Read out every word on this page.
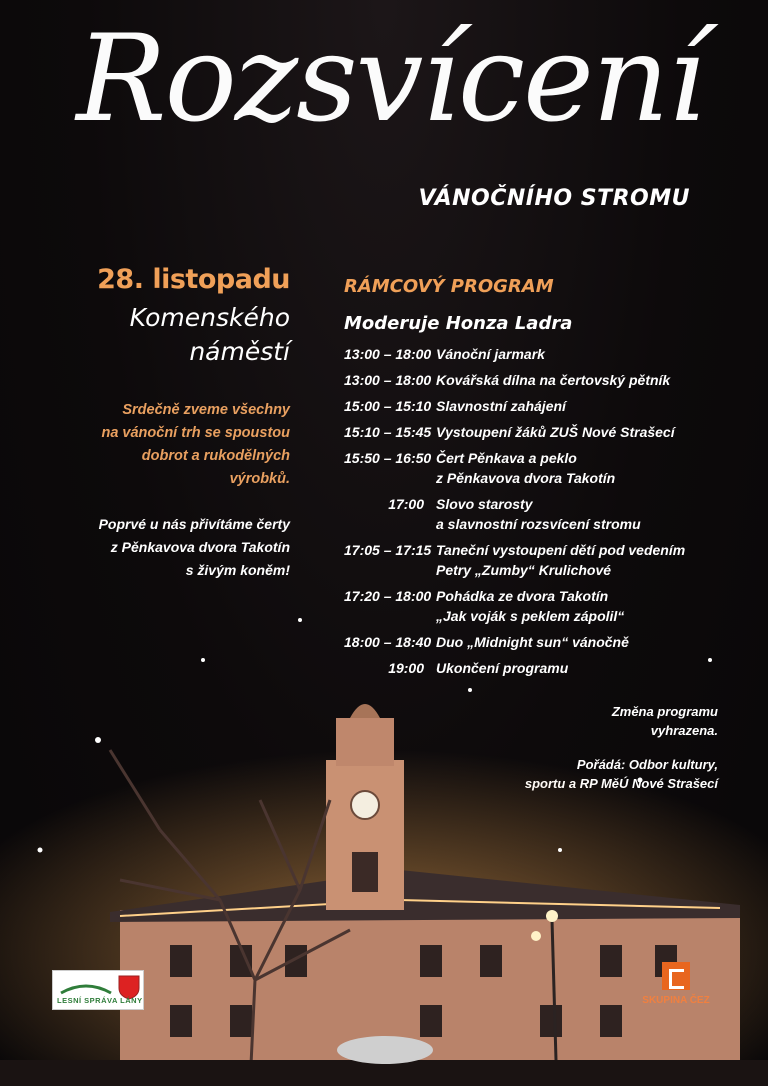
Rozsvícení
VÁNOČNÍHO STROMU
28. listopadu
Komenského
náměstí
Srdečně zveme všechny
na vánoční trh se spoustou
dobrot a rukodělných
výrobků.
Poprvé u nás přivítáme čerty
z Pěnkavova dvora Takotín
s živým koněm!
RÁMCOVÝ PROGRAM
Moderuje Honza Ladra
13:00 – 18:00 Vánoční jarmark
13:00 – 18:00 Kovářská dílna na čertovský pětník
15:00 – 15:10 Slavnostní zahájení
15:10 – 15:45 Vystoupení žáků ZUŠ Nové Strašecí
15:50 – 16:50 Čert Pěnkava a peklo
z Pěnkavova dvora Takotín
17:00 Slovo starosty
a slavnostní rozsvícení stromu
17:05 – 17:15 Taneční vystoupení dětí pod vedením
Petry „Zumby“ Krulichové
17:20 – 18:00 Pohádka ze dvora Takotín
„Jak voják s peklem zápolil“
18:00 – 18:40 Duo „Midnight sun“ vánočně
19:00 Ukončení programu
Změna programu
vyhrazena.
LESNÍ SPRÁVA LÁNY	SKUPINA ČEZ
